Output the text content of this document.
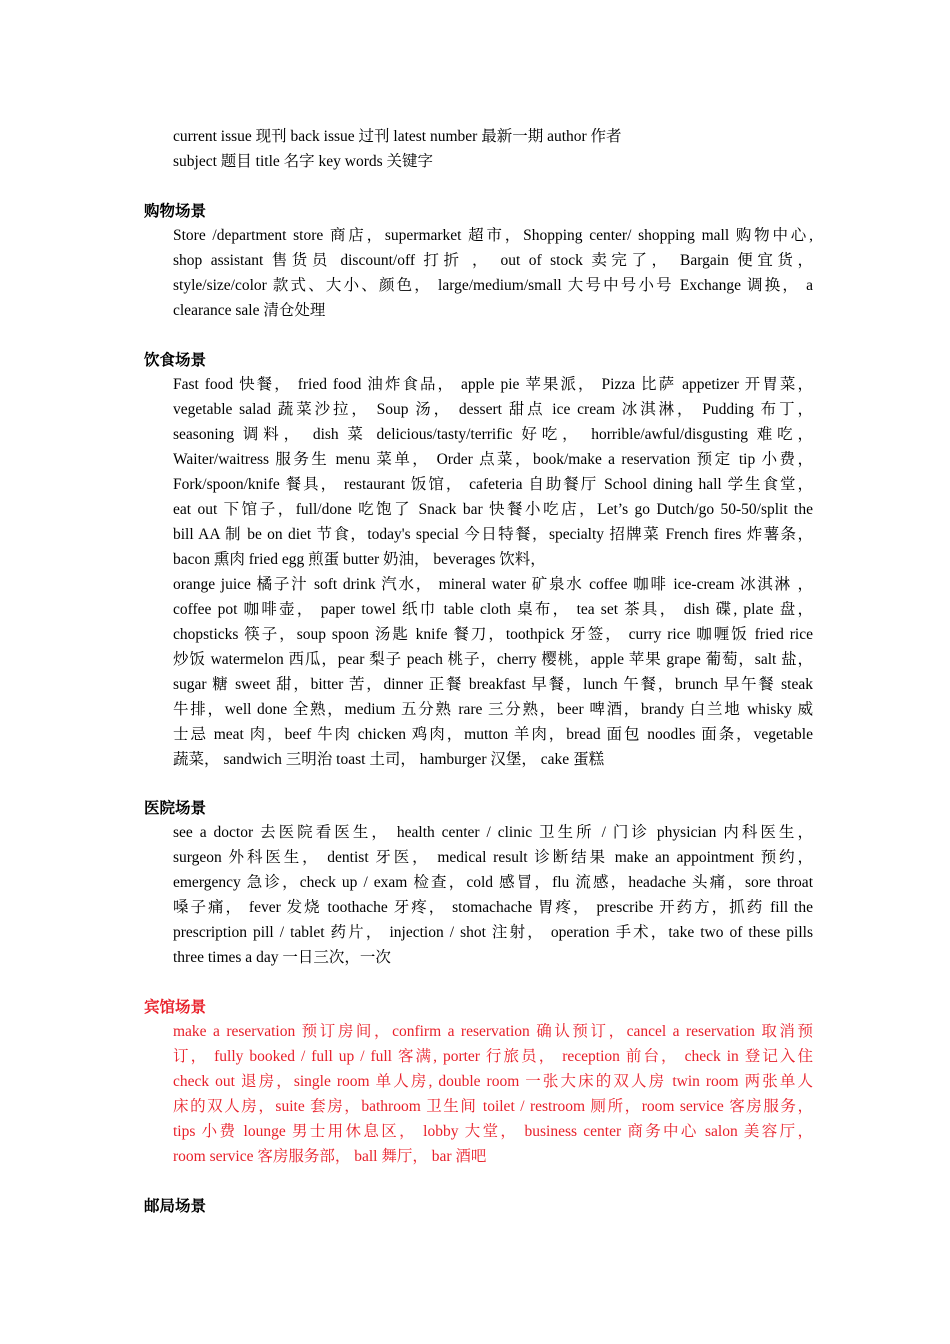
current issue 现刊 back issue 过刊 latest number 最新一期 author 作者
subject 题目 title 名字 key words 关键字
购物场景
Store /department store 商店，supermarket 超市，Shopping center/ shopping mall 购物中心,
shop assistant 售货员 discount/off 打折 ， out of stock 卖完了， Bargain 便宜货，
style/size/color 款式、大小、颜色， large/medium/small 大号中号小号 Exchange 调换， a
clearance sale 清仓处理
饮食场景
Fast food 快餐， fried food 油炸食品， apple pie 苹果派， Pizza 比萨 appetizer 开胃菜，
vegetable salad 蔬菜沙拉， Soup 汤， dessert 甜点 ice cream 冰淇淋， Pudding 布丁，
seasoning 调料， dish 菜 delicious/tasty/terrific 好吃， horrible/awful/disgusting 难吃，
Waiter/waitress 服务生 menu 菜单， Order 点菜，book/make a reservation 预定 tip 小费，
Fork/spoon/knife 餐具， restaurant 饭馆， cafeteria 自助餐厅 School dining hall 学生食堂，
eat out 下馆子，full/done 吃饱了 Snack bar 快餐小吃店，Let’s go Dutch/go 50-50/split the
bill AA 制 be on diet 节食，today's special 今日特餐，specialty 招牌菜 French fires 炸薯条，
bacon 熏肉 fried egg 煎蛋 butter 奶油， beverages 饮料，
orange juice 橘子汁 soft drink 汽水， mineral water 矿泉水 coffee 咖啡 ice-cream 冰淇淋 ，
coffee pot 咖啡壶， paper towel 纸巾 table cloth 桌布， tea set 茶具， dish 碟, plate 盘，
chopsticks 筷子，soup spoon 汤匙 knife 餐刀，toothpick 牙签， curry rice 咖喱饭 fried rice
炒饭 watermelon 西瓜，pear 梨子 peach 桃子，cherry 樱桃，apple 苹果 grape 葡萄，salt 盐，
sugar 糖 sweet 甜，bitter 苦，dinner 正餐 breakfast 早餐，lunch 午餐，brunch 早午餐 steak
牛排，well done 全熟，medium 五分熟 rare 三分熟，beer 啤酒，brandy 白兰地 whisky 威
士忌 meat 肉，beef 牛肉 chicken 鸡肉，mutton 羊肉，bread 面包 noodles 面条，vegetable
蔬菜， sandwich 三明治 toast 土司， hamburger 汉堡， cake 蛋糕
医院场景
see a doctor 去医院看医生， health center / clinic 卫生所 / 门诊 physician 内科医生，
surgeon 外科医生， dentist 牙医， medical result 诊断结果 make an appointment 预约，
emergency 急诊，check up / exam 检查，cold 感冒，flu 流感，headache 头痛，sore throat
嗓子痛， fever 发烧 toothache 牙疼， stomachache 胃疼， prescribe 开药方，抓药 fill the
prescription pill / tablet 药片， injection / shot 注射， operation 手术，take two of these pills
three times a day 一日三次，一次
宾馆场景
make a reservation 预订房间，confirm a reservation 确认预订，cancel a reservation 取消预
订， fully booked / full up / full 客满, porter 行旅员， reception 前台， check in 登记入住
check out 退房，single room 单人房, double room 一张大床的双人房 twin room 两张单人
床的双人房，suite 套房，bathroom 卫生间 toilet / restroom 厕所，room service 客房服务，
tips 小费 lounge 男士用休息区， lobby 大堂， business center 商务中心 salon 美容厅，
room service 客房服务部， ball 舞厅， bar 酒吧
邮局场景
